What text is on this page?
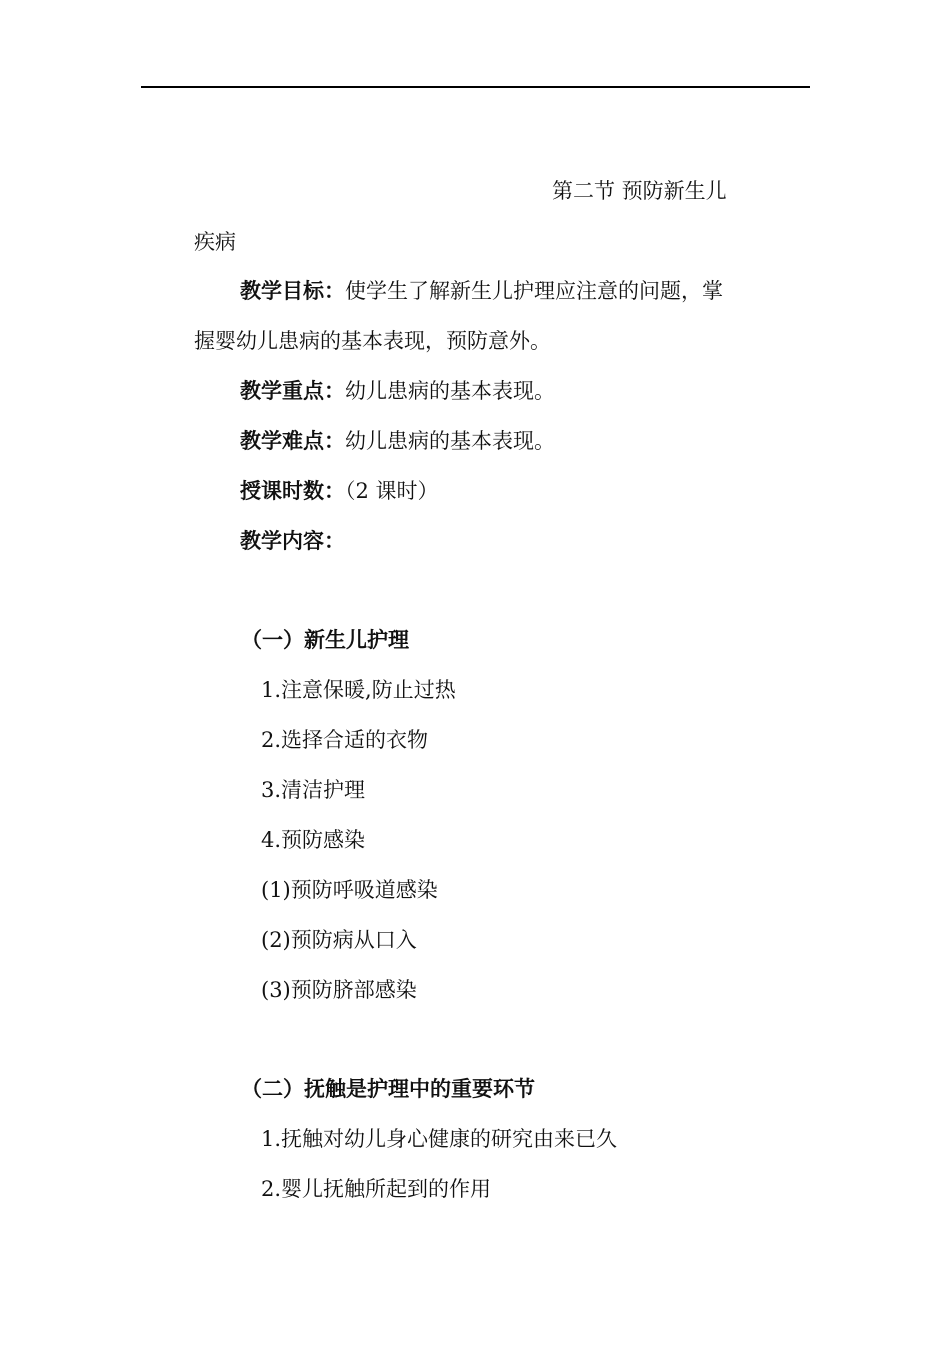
第二节 预防新生儿
疾病
教学目标：使学生了解新生儿护理应注意的问题，掌
握婴幼儿患病的基本表现，预防意外。
教学重点：幼儿患病的基本表现。
教学难点：幼儿患病的基本表现。
授课时数：（2 课时）
教学内容：
（一）新生儿护理
1.注意保暖,防止过热
2.选择合适的衣物
3.清洁护理
4.预防感染
(1)预防呼吸道感染
(2)预防病从口入
(3)预防脐部感染
（二）抚触是护理中的重要环节
1.抚触对幼儿身心健康的研究由来已久
2.婴儿抚触所起到的作用
